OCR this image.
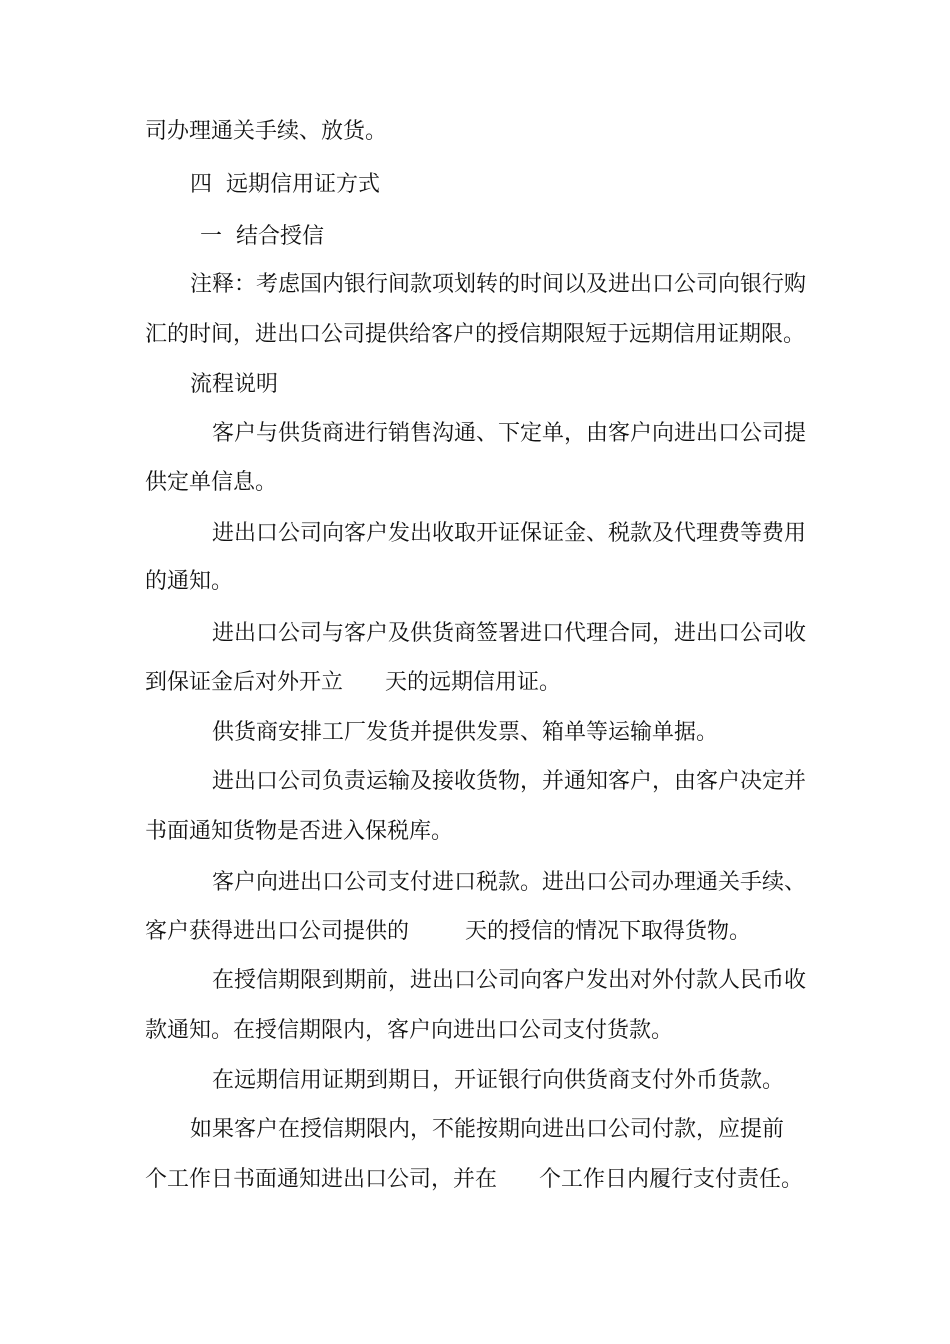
司办理通关手续、放货。
四  远期信用证方式
一  结合授信
注释：考虑国内银行间款项划转的时间以及进出口公司向银行购
汇的时间，进出口公司提供给客户的授信期限短于远期信用证期限。
流程说明
客户与供货商进行销售沟通、下定单，由客户向进出口公司提
供定单信息。
进出口公司向客户发出收取开证保证金、税款及代理费等费用
的通知。
进出口公司与客户及供货商签署进口代理合同，进出口公司收
到保证金后对外开立      天的远期信用证。
供货商安排工厂发货并提供发票、箱单等运输单据。
进出口公司负责运输及接收货物，并通知客户，由客户决定并
书面通知货物是否进入保税库。
客户向进出口公司支付进口税款。进出口公司办理通关手续、
客户获得进出口公司提供的        天的授信的情况下取得货物。
在授信期限到期前，进出口公司向客户发出对外付款人民币收
款通知。在授信期限内，客户向进出口公司支付货款。
在远期信用证期到期日，开证银行向供货商支付外币货款。
如果客户在授信期限内，不能按期向进出口公司付款，应提前
个工作日书面通知进出口公司，并在      个工作日内履行支付责任。
